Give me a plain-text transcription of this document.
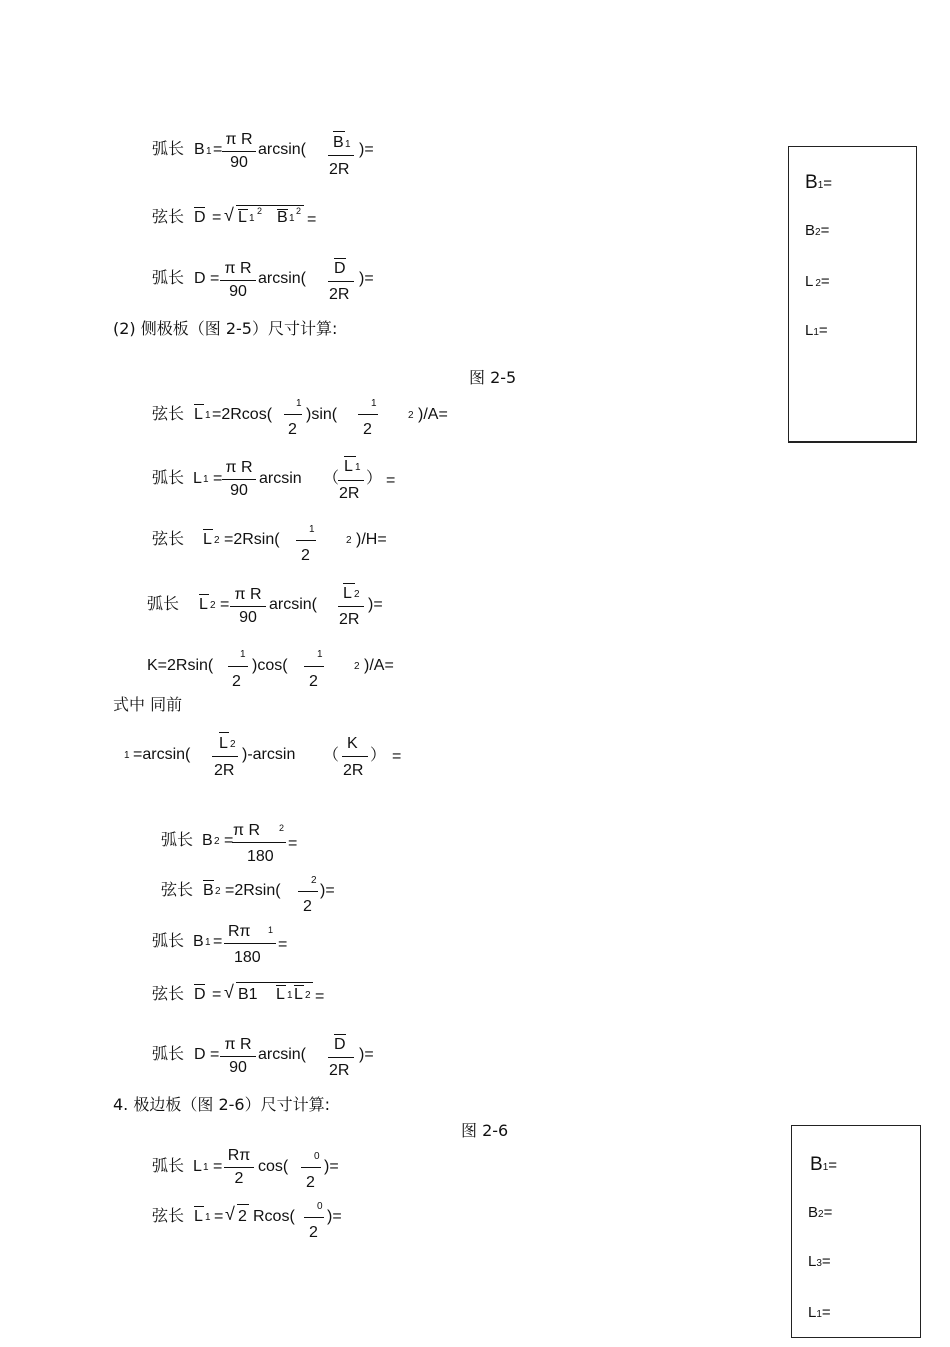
弧长 B 1 =
π R
90
arcsin( B 1
2R
)=
弦长 D = √ L 1
2 B 1
2 =
弧长 D =
π R
90
arcsin(
D
2R
)=
(2) 侧极板（图 2-5）尺寸计算:
图 2-5
弦长 L 1 =2Rcos(
1
2
)sin(
1
2
2 )/A=
弧长 L 1 =
π R
90
arcsin （
L 1
2R
） =
弦长 L 2 =2Rsin(
1
2
2 )/H=
弧长 L 2 =
π R
90
arcsin(
L 2
2R
)=
K=2Rsin(
1
2
)cos(
1
2
2 )/A=
式中 同前
1 =arcsin(
L 2
2R
)-arcsin （
K
2R
） =
弧长 B 2 =
π R 2
180
=
弦长 B 2 =2Rsin(
2
2
)=
弧长 B 1 =
Rπ 1
180
=
弦长 D = √ B1 L 1 L 2 =
弧长 D =
π R
90
arcsin(
D
2R
)=
4. 极边板（图 2-6）尺寸计算:
图 2-6
弧长 L 1 =
Rπ
2
cos(
0
2
)=
弦长 L 1 = √ 2 Rcos(
0
2
)=
B1=
B2=
L 2=
L1=
B1=
B2=
L3=
L1=
